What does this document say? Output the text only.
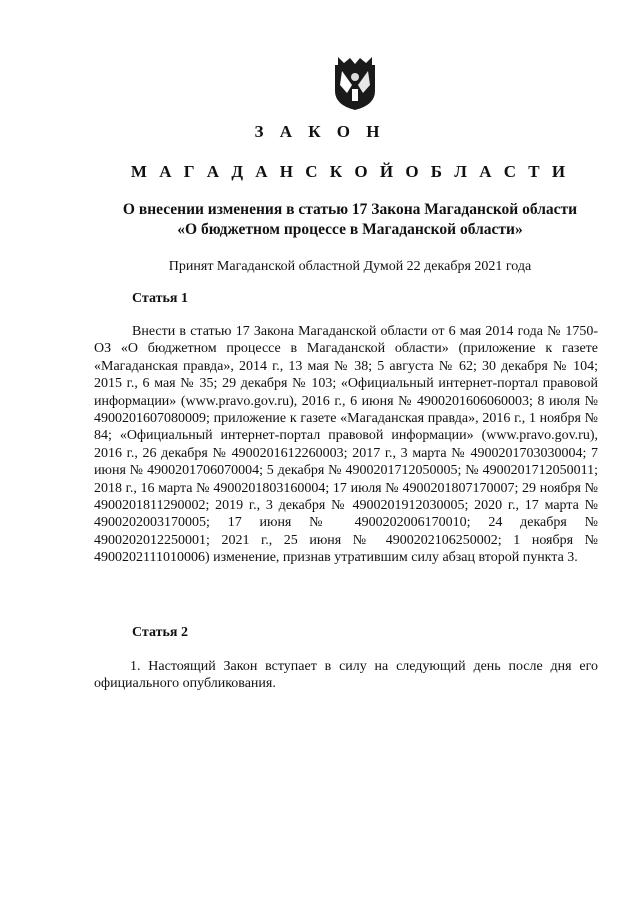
З А К О Н
М А Г А Д А Н С К О Й О Б Л А С Т И
О внесении изменения в статью 17 Закона Магаданской области
«О бюджетном процессе в Магаданской области»
Принят Магаданской областной Думой 22 декабря 2021 года
Статья 1
Внести в статью 17 Закона Магаданской области от 6 мая 2014 года № 1750-ОЗ «О бюджетном процессе в Магаданской области» (приложение к газете «Магаданская правда», 2014 г., 13 мая № 38; 5 августа № 62; 30 декабря № 104; 2015 г., 6 мая № 35; 29 декабря № 103; «Официальный интернет-портал правовой информации» (www.pravo.gov.ru), 2016 г., 6 июня № 4900201606060003; 8 июля № 4900201607080009; приложение к газете «Магаданская правда», 2016 г., 1 ноября № 84; «Официальный интернет-портал правовой информации» (www.pravo.gov.ru), 2016 г., 26 декабря № 4900201612260003; 2017 г., 3 марта № 4900201703030004; 7 июня № 4900201706070004; 5 декабря № 4900201712050005; № 4900201712050011; 2018 г., 16 марта № 4900201803160004; 17 июля № 4900201807170007; 29 ноября № 4900201811290002; 2019 г., 3 декабря № 4900201912030005; 2020 г., 17 марта № 4900202003170005; 17 июня № 4900202006170010; 24 декабря № 4900202012250001; 2021 г., 25 июня № 4900202106250002; 1 ноября № 4900202111010006) изменение, признав утратившим силу абзац второй пункта 3.
Статья 2
1. Настоящий Закон вступает в силу на следующий день после дня его официального опубликования.
